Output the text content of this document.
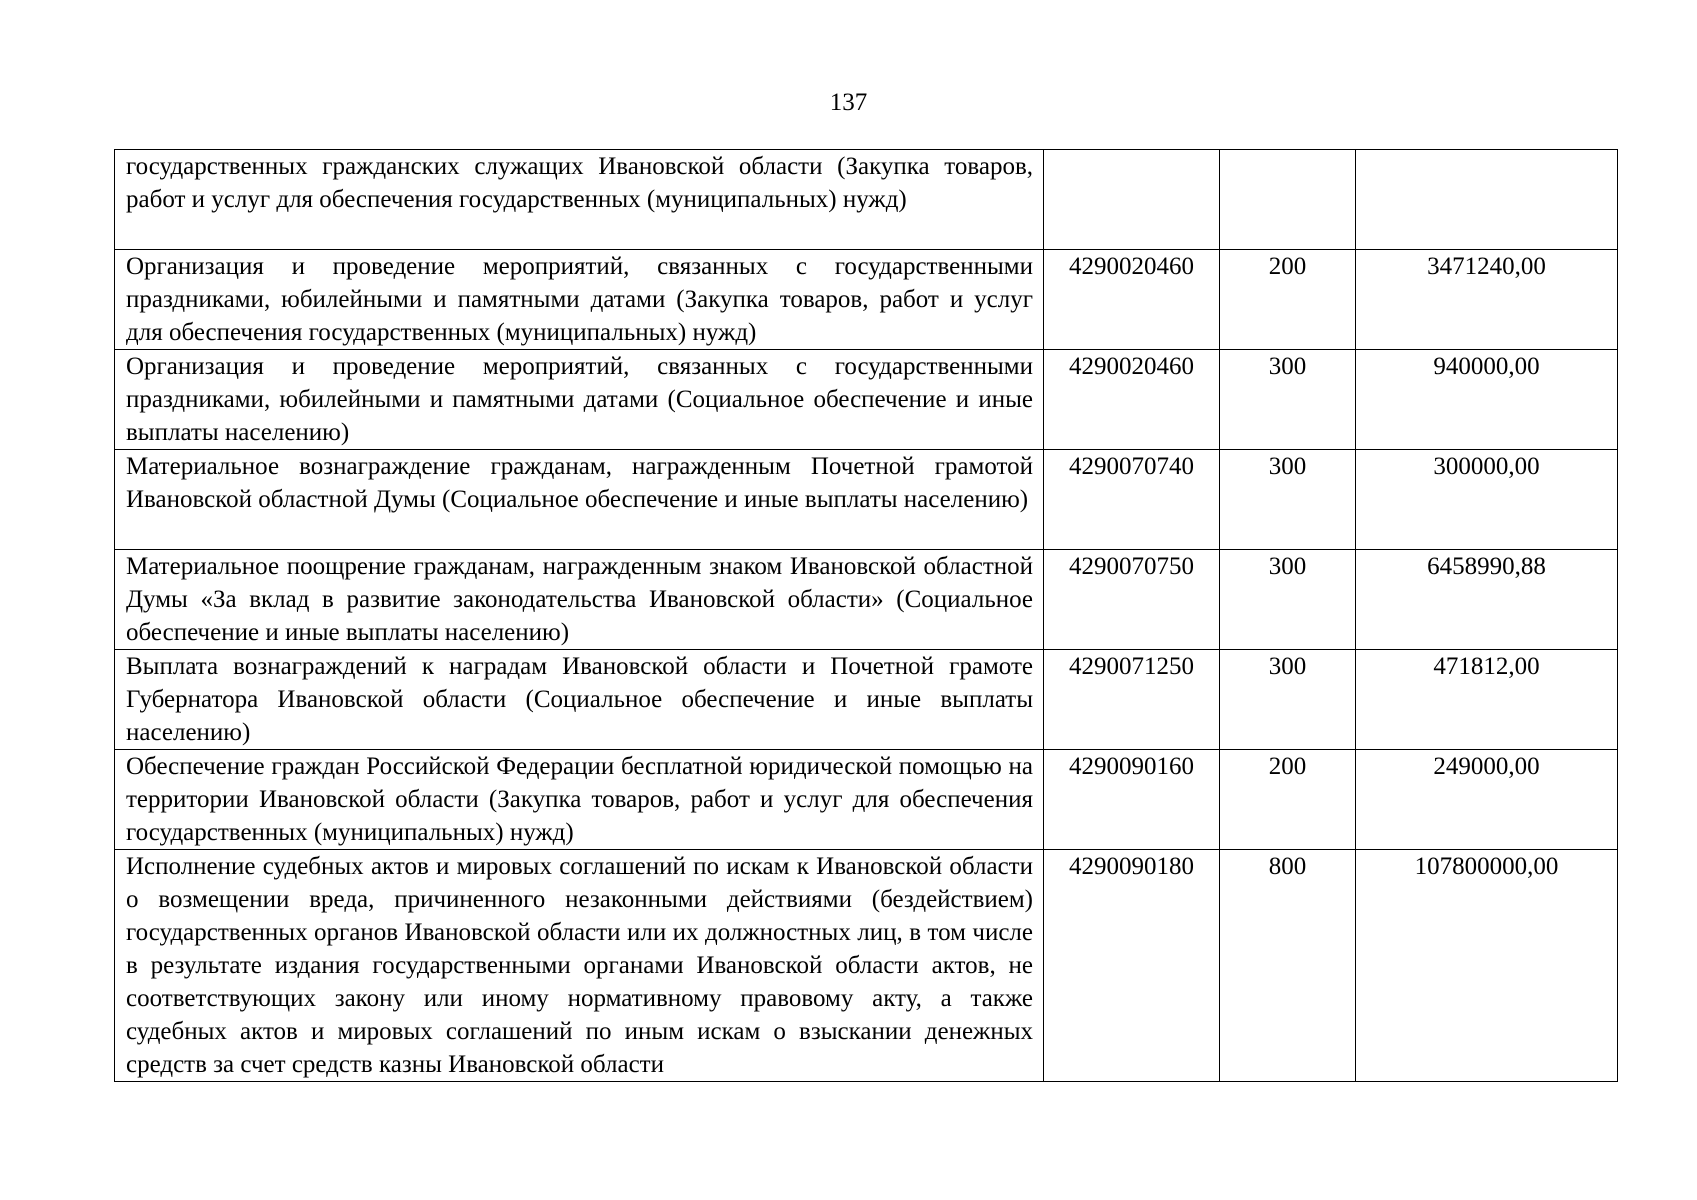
137
государственных гражданских служащих Ивановской области (Закупка товаров, работ и услуг для обеспечения государственных (муниципальных) нужд)			
Организация и проведение мероприятий, связанных с государственными праздниками, юбилейными и памятными датами (Закупка товаров, работ и услуг для обеспечения государственных (муниципальных) нужд)	4290020460	200	3471240,00
Организация и проведение мероприятий, связанных с государственными праздниками, юбилейными и памятными датами (Социальное обеспечение и иные выплаты населению)	4290020460	300	940000,00
Материальное вознаграждение гражданам, награжденным Почетной грамотой Ивановской областной Думы (Социальное обеспечение и иные выплаты населению)	4290070740	300	300000,00
Материальное поощрение гражданам, награжденным знаком Ивановской областной Думы «За вклад в развитие законодательства Ивановской области» (Социальное обеспечение и иные выплаты населению)	4290070750	300	6458990,88
Выплата вознаграждений к наградам Ивановской области и Почетной грамоте Губернатора Ивановской области (Социальное обеспечение и иные выплаты населению)	4290071250	300	471812,00
Обеспечение граждан Российской Федерации бесплатной юридической помощью на территории Ивановской области (Закупка товаров, работ и услуг для обеспечения государственных (муниципальных) нужд)	4290090160	200	249000,00
Исполнение судебных актов и мировых соглашений по искам к Ивановской области о возмещении вреда, причиненного незаконными действиями (бездействием) государственных органов Ивановской области или их должностных лиц, в том числе в результате издания государственными органами Ивановской области актов, не соответствующих закону или иному нормативному правовому акту, а также судебных актов и мировых соглашений по иным искам о взыскании денежных средств за счет средств казны Ивановской области	4290090180	800	107800000,00
